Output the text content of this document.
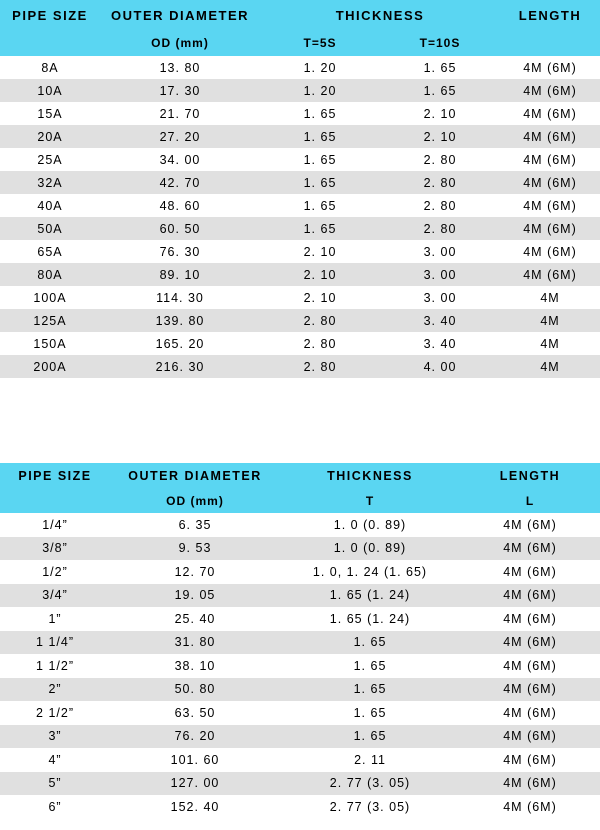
PIPE SIZE	OUTER DIAMETER	THICKNESS		LENGTH
	OD (mm)	T=5S	T=10S	
8A	13. 80	1. 20	1. 65	4M (6M)
10A	17. 30	1. 20	1. 65	4M (6M)
15A	21. 70	1. 65	2. 10	4M (6M)
20A	27. 20	1. 65	2. 10	4M (6M)
25A	34. 00	1. 65	2. 80	4M (6M)
32A	42. 70	1. 65	2. 80	4M (6M)
40A	48. 60	1. 65	2. 80	4M (6M)
50A	60. 50	1. 65	2. 80	4M (6M)
65A	76. 30	2. 10	3. 00	4M (6M)
80A	89. 10	2. 10	3. 00	4M (6M)
100A	114. 30	2. 10	3. 00	4M
125A	139. 80	2. 80	3. 40	4M
150A	165. 20	2. 80	3. 40	4M
200A	216. 30	2. 80	4. 00	4M
PIPE SIZE	OUTER DIAMETER	THICKNESS	LENGTH
	OD (mm)	T	L
1/4”	6. 35	1. 0 (0. 89)	4M (6M)
3/8”	9. 53	1. 0 (0. 89)	4M (6M)
1/2”	12. 70	1. 0, 1. 24 (1. 65)	4M (6M)
3/4”	19. 05	1. 65 (1. 24)	4M (6M)
1”	25. 40	1. 65 (1. 24)	4M (6M)
1 1/4”	31. 80	1. 65	4M (6M)
1 1/2”	38. 10	1. 65	4M (6M)
2”	50. 80	1. 65	4M (6M)
2 1/2”	63. 50	1. 65	4M (6M)
3”	76. 20	1. 65	4M (6M)
4”	101. 60	2. 11	4M (6M)
5”	127. 00	2. 77 (3. 05)	4M (6M)
6”	152. 40	2. 77 (3. 05)	4M (6M)
